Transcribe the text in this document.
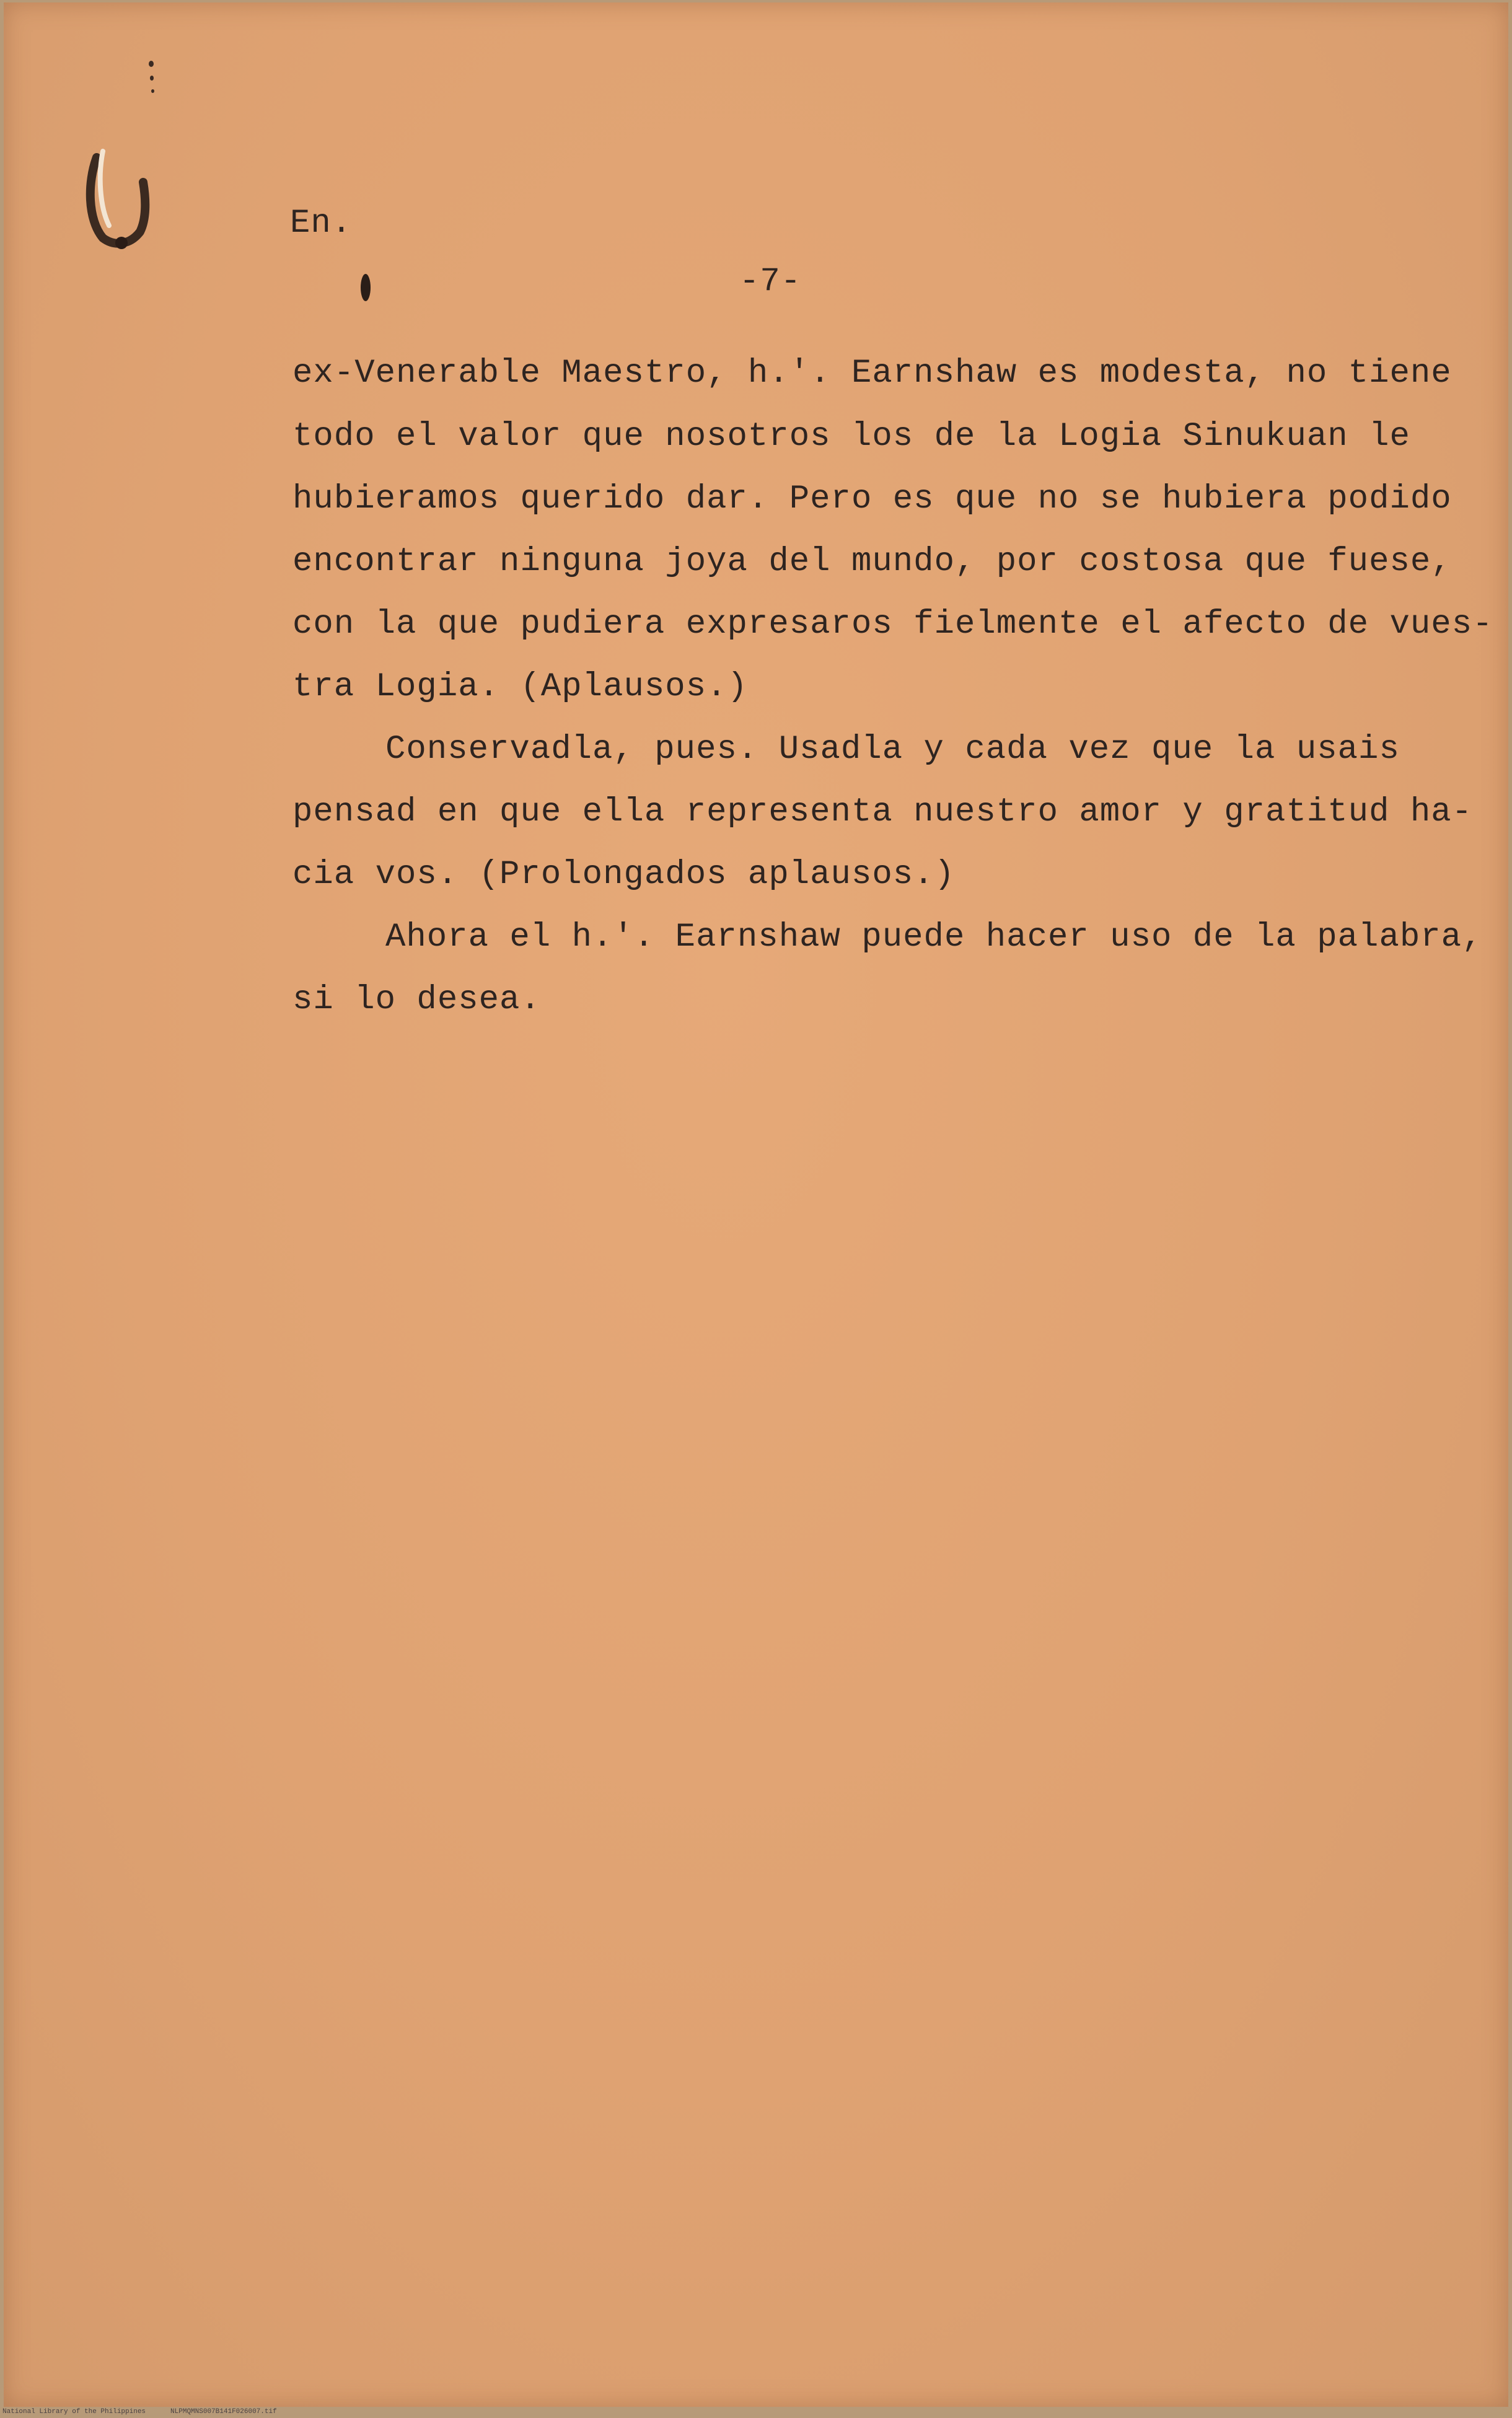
En.
-7-
ex-Venerable Maestro, h.'. Earnshaw es modesta, no tiene
todo el valor que nosotros los de la Logia Sinukuan le
hubieramos querido dar. Pero es que no se hubiera podido
encontrar ninguna joya del mundo, por costosa que fuese,
con la que pudiera expresaros fielmente el afecto de vues-
tra Logia. (Aplausos.)
Conservadla, pues. Usadla y cada vez que la usais
pensad en que ella representa nuestro amor y gratitud ha-
cia vos. (Prolongados aplausos.)
Ahora el h.'. Earnshaw puede hacer uso de la palabra,
si lo desea.
National Library of the Philippines	NLPMQMNS007B141F026007.tif
